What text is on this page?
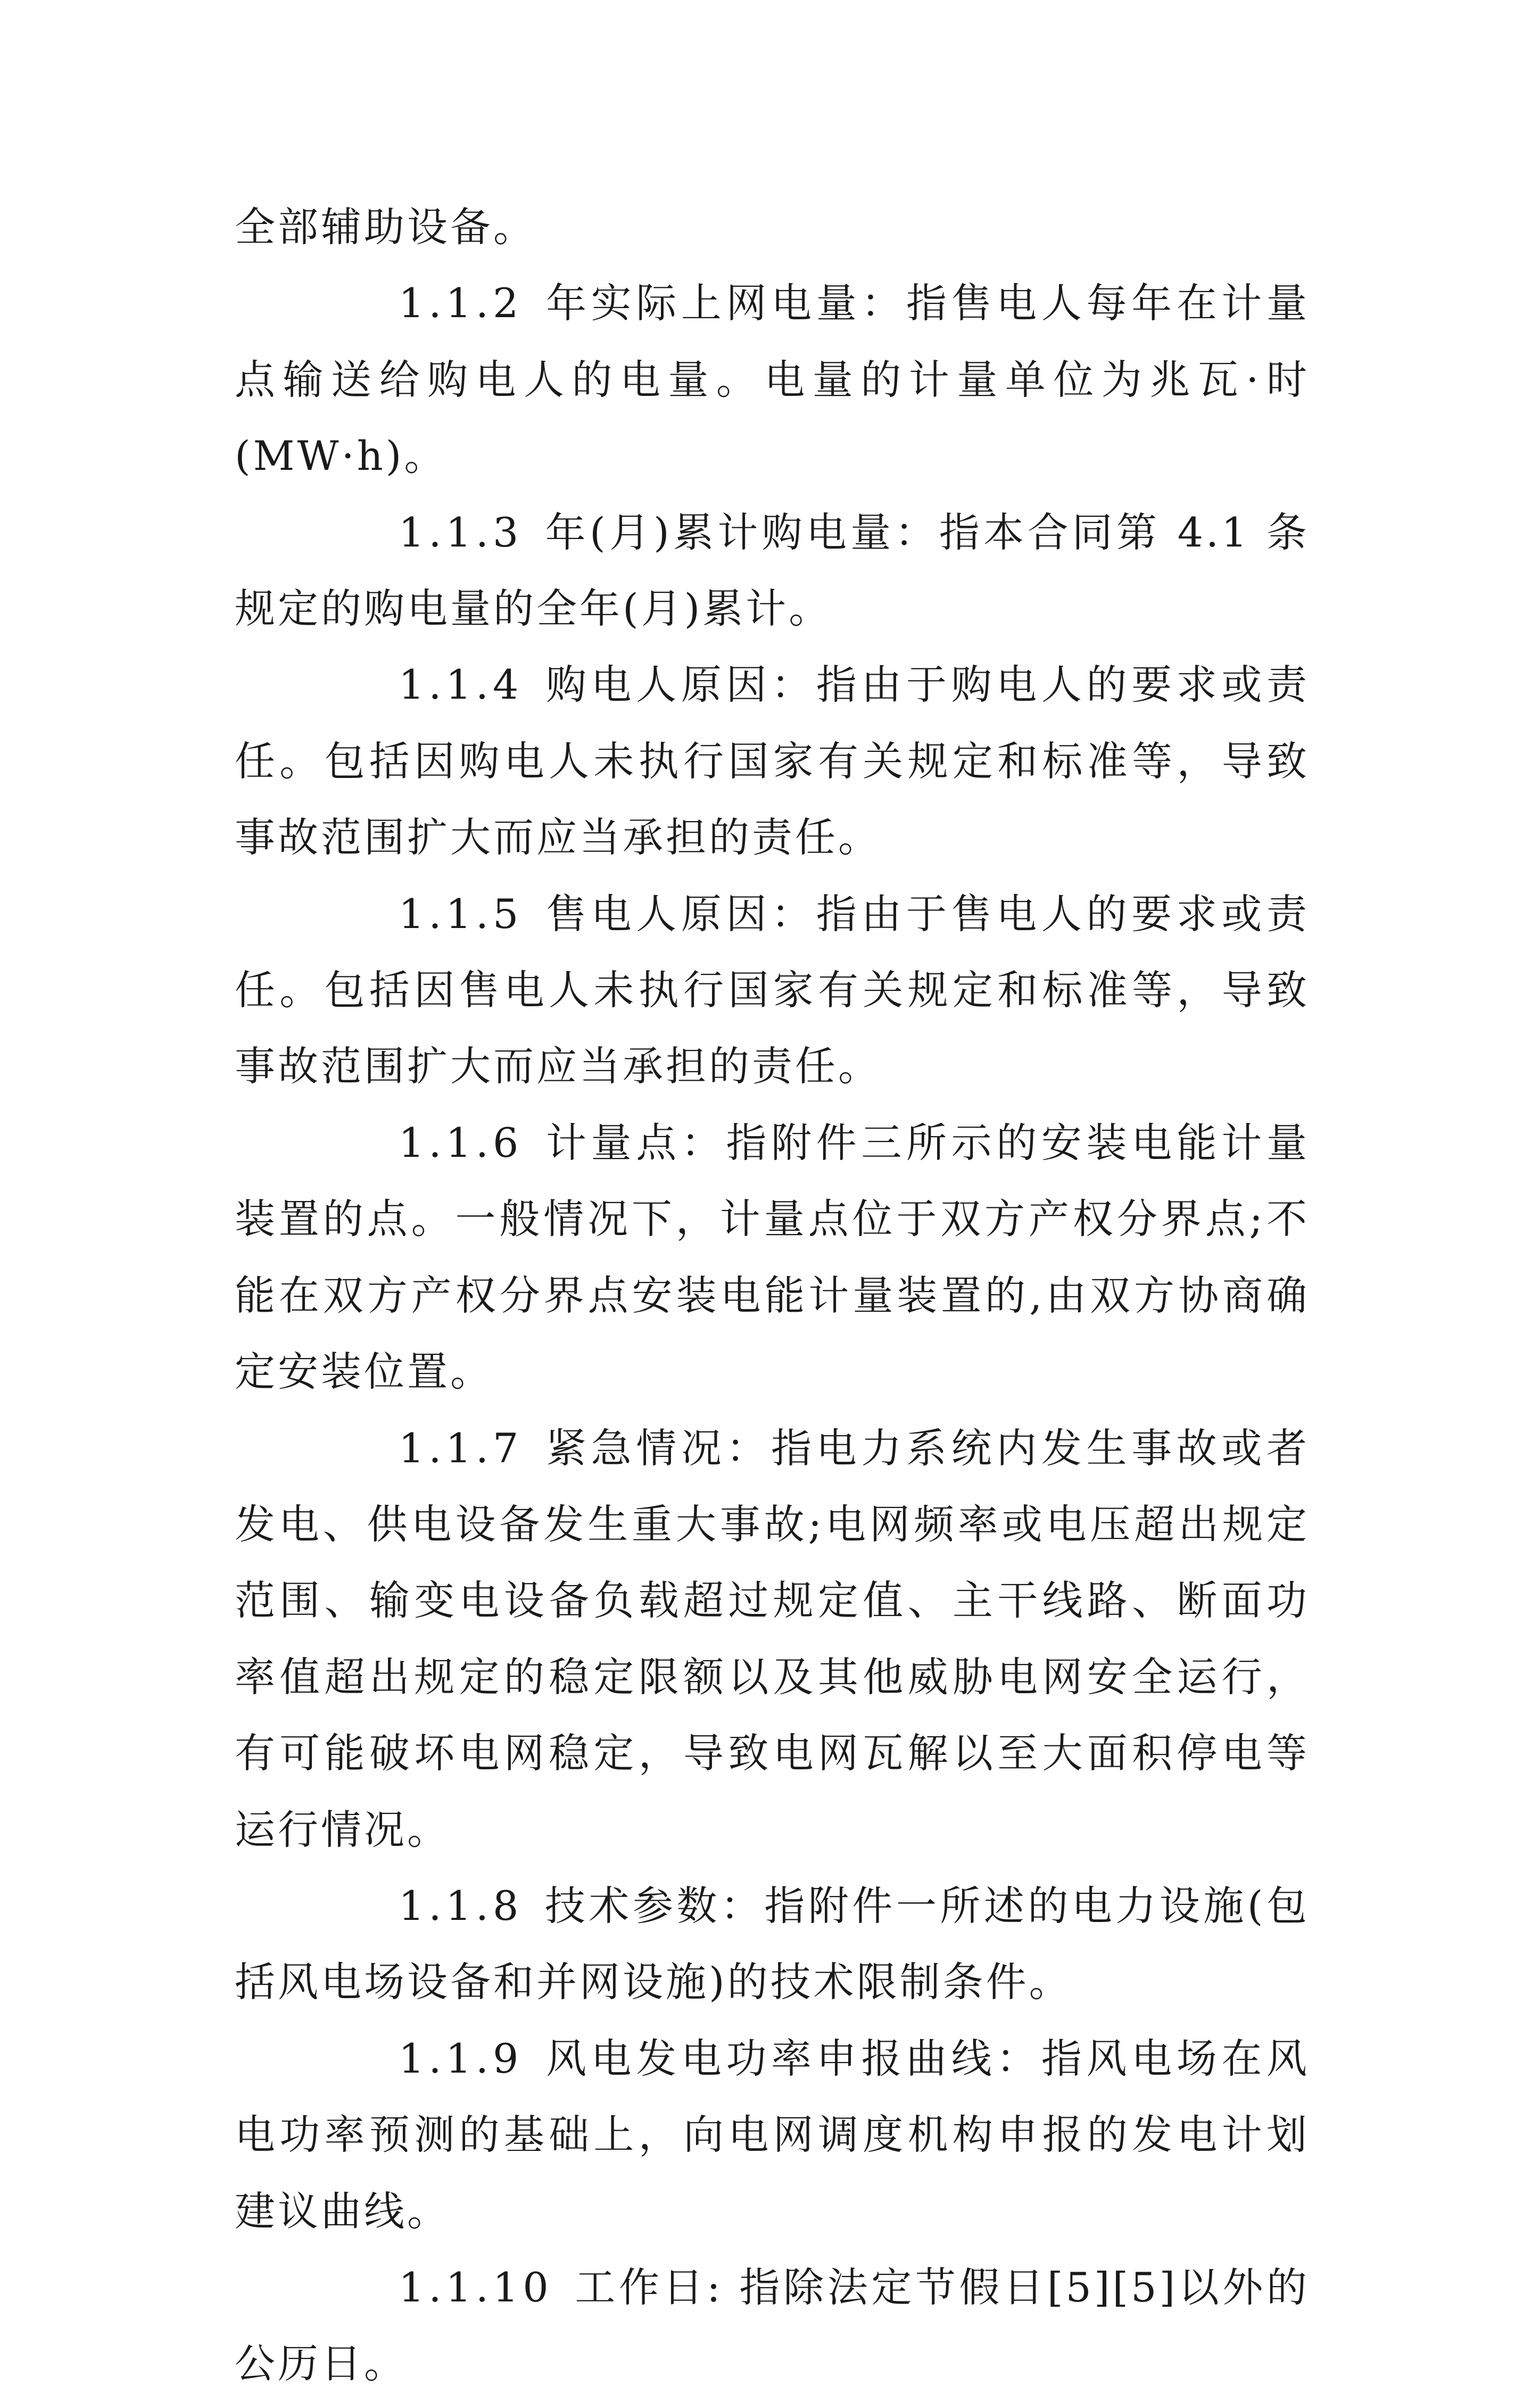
全部辅助设备。

1.1.2 年实际上网电量：指售电人每年在计量点输送给购电人的电量。电量的计量单位为兆瓦·时(MW·h)。

1.1.3 年(月)累计购电量：指本合同第 4.1 条规定的购电量的全年(月)累计。

1.1.4 购电人原因：指由于购电人的要求或责任。包括因购电人未执行国家有关规定和标准等，导致事故范围扩大而应当承担的责任。

1.1.5 售电人原因：指由于售电人的要求或责任。包括因售电人未执行国家有关规定和标准等，导致事故范围扩大而应当承担的责任。

1.1.6 计量点：指附件三所示的安装电能计量装置的点。一般情况下，计量点位于双方产权分界点;不能在双方产权分界点安装电能计量装置的,由双方协商确定安装位置。

1.1.7 紧急情况：指电力系统内发生事故或者发电、供电设备发生重大事故;电网频率或电压超出规定范围、输变电设备负载超过规定值、主干线路、断面功率值超出规定的稳定限额以及其他威胁电网安全运行，有可能破坏电网稳定，导致电网瓦解以至大面积停电等运行情况。

1.1.8 技术参数：指附件一所述的电力设施(包括风电场设备和并网设施)的技术限制条件。

1.1.9 风电发电功率申报曲线：指风电场在风电功率预测的基础上，向电网调度机构申报的发电计划建议曲线。

1.1.10 工作日: 指除法定节假日[5][5]以外的公历日。
